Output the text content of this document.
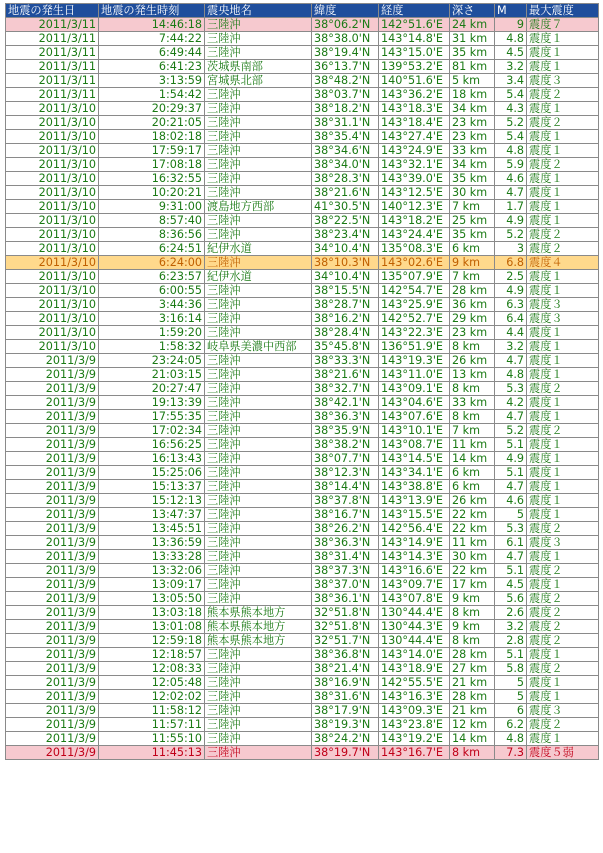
地震の発生日	地震の発生時刻	震央地名	緯度	経度	深さ	M	最大震度
2011/3/11	14:46:18	三陸沖	38°06.2'N	142°51.6'E	24 km	9	震度７
2011/3/11	7:44:22	三陸沖	38°38.0'N	143°14.8'E	31 km	4.8	震度１
2011/3/11	6:49:44	三陸沖	38°19.4'N	143°15.0'E	35 km	4.5	震度１
2011/3/11	6:41:23	茨城県南部	36°13.7'N	139°53.2'E	81 km	3.2	震度１
2011/3/11	3:13:59	宮城県北部	38°48.2'N	140°51.6'E	5 km	3.4	震度３
2011/3/11	1:54:42	三陸沖	38°03.7'N	143°36.2'E	18 km	5.4	震度２
2011/3/10	20:29:37	三陸沖	38°18.2'N	143°18.3'E	34 km	4.3	震度１
2011/3/10	20:21:05	三陸沖	38°31.1'N	143°18.4'E	23 km	5.2	震度２
2011/3/10	18:02:18	三陸沖	38°35.4'N	143°27.4'E	23 km	5.4	震度１
2011/3/10	17:59:17	三陸沖	38°34.6'N	143°24.9'E	33 km	4.8	震度１
2011/3/10	17:08:18	三陸沖	38°34.0'N	143°32.1'E	34 km	5.9	震度２
2011/3/10	16:32:55	三陸沖	38°28.3'N	143°39.0'E	35 km	4.6	震度１
2011/3/10	10:20:21	三陸沖	38°21.6'N	143°12.5'E	30 km	4.7	震度１
2011/3/10	9:31:00	渡島地方西部	41°30.5'N	140°12.3'E	7 km	1.7	震度１
2011/3/10	8:57:40	三陸沖	38°22.5'N	143°18.2'E	25 km	4.9	震度１
2011/3/10	8:36:56	三陸沖	38°23.4'N	143°24.4'E	35 km	5.2	震度２
2011/3/10	6:24:51	紀伊水道	34°10.4'N	135°08.3'E	6 km	3	震度２
2011/3/10	6:24:00	三陸沖	38°10.3'N	143°02.6'E	9 km	6.8	震度４
2011/3/10	6:23:57	紀伊水道	34°10.4'N	135°07.9'E	7 km	2.5	震度１
2011/3/10	6:00:55	三陸沖	38°15.5'N	142°54.7'E	28 km	4.9	震度１
2011/3/10	3:44:36	三陸沖	38°28.7'N	143°25.9'E	36 km	6.3	震度３
2011/3/10	3:16:14	三陸沖	38°16.2'N	142°52.7'E	29 km	6.4	震度３
2011/3/10	1:59:20	三陸沖	38°28.4'N	143°22.3'E	23 km	4.4	震度１
2011/3/10	1:58:32	岐阜県美濃中西部	35°45.8'N	136°51.9'E	8 km	3.2	震度１
2011/3/9	23:24:05	三陸沖	38°33.3'N	143°19.3'E	26 km	4.7	震度１
2011/3/9	21:03:15	三陸沖	38°21.6'N	143°11.0'E	13 km	4.8	震度１
2011/3/9	20:27:47	三陸沖	38°32.7'N	143°09.1'E	8 km	5.3	震度２
2011/3/9	19:13:39	三陸沖	38°42.1'N	143°04.6'E	33 km	4.2	震度１
2011/3/9	17:55:35	三陸沖	38°36.3'N	143°07.6'E	8 km	4.7	震度１
2011/3/9	17:02:34	三陸沖	38°35.9'N	143°10.1'E	7 km	5.2	震度２
2011/3/9	16:56:25	三陸沖	38°38.2'N	143°08.7'E	11 km	5.1	震度１
2011/3/9	16:13:43	三陸沖	38°07.7'N	143°14.5'E	14 km	4.9	震度１
2011/3/9	15:25:06	三陸沖	38°12.3'N	143°34.1'E	6 km	5.1	震度１
2011/3/9	15:13:37	三陸沖	38°14.4'N	143°38.8'E	6 km	4.7	震度１
2011/3/9	15:12:13	三陸沖	38°37.8'N	143°13.9'E	26 km	4.6	震度１
2011/3/9	13:47:37	三陸沖	38°16.7'N	143°15.5'E	22 km	5	震度１
2011/3/9	13:45:51	三陸沖	38°26.2'N	142°56.4'E	22 km	5.3	震度２
2011/3/9	13:36:59	三陸沖	38°36.3'N	143°14.9'E	11 km	6.1	震度３
2011/3/9	13:33:28	三陸沖	38°31.4'N	143°14.3'E	30 km	4.7	震度１
2011/3/9	13:32:06	三陸沖	38°37.3'N	143°16.6'E	22 km	5.1	震度２
2011/3/9	13:09:17	三陸沖	38°37.0'N	143°09.7'E	17 km	4.5	震度１
2011/3/9	13:05:50	三陸沖	38°36.1'N	143°07.8'E	9 km	5.6	震度２
2011/3/9	13:03:18	熊本県熊本地方	32°51.8'N	130°44.4'E	8 km	2.6	震度２
2011/3/9	13:01:08	熊本県熊本地方	32°51.8'N	130°44.3'E	9 km	3.2	震度２
2011/3/9	12:59:18	熊本県熊本地方	32°51.7'N	130°44.4'E	8 km	2.8	震度２
2011/3/9	12:18:57	三陸沖	38°36.8'N	143°14.0'E	28 km	5.1	震度１
2011/3/9	12:08:33	三陸沖	38°21.4'N	143°18.9'E	27 km	5.8	震度２
2011/3/9	12:05:48	三陸沖	38°16.9'N	142°55.5'E	21 km	5	震度１
2011/3/9	12:02:02	三陸沖	38°31.6'N	143°16.3'E	28 km	5	震度１
2011/3/9	11:58:12	三陸沖	38°17.9'N	143°09.3'E	21 km	6	震度３
2011/3/9	11:57:11	三陸沖	38°19.3'N	143°23.8'E	12 km	6.2	震度２
2011/3/9	11:55:10	三陸沖	38°24.2'N	143°19.2'E	14 km	4.8	震度１
2011/3/9	11:45:13	三陸沖	38°19.7'N	143°16.7'E	8 km	7.3	震度５弱
